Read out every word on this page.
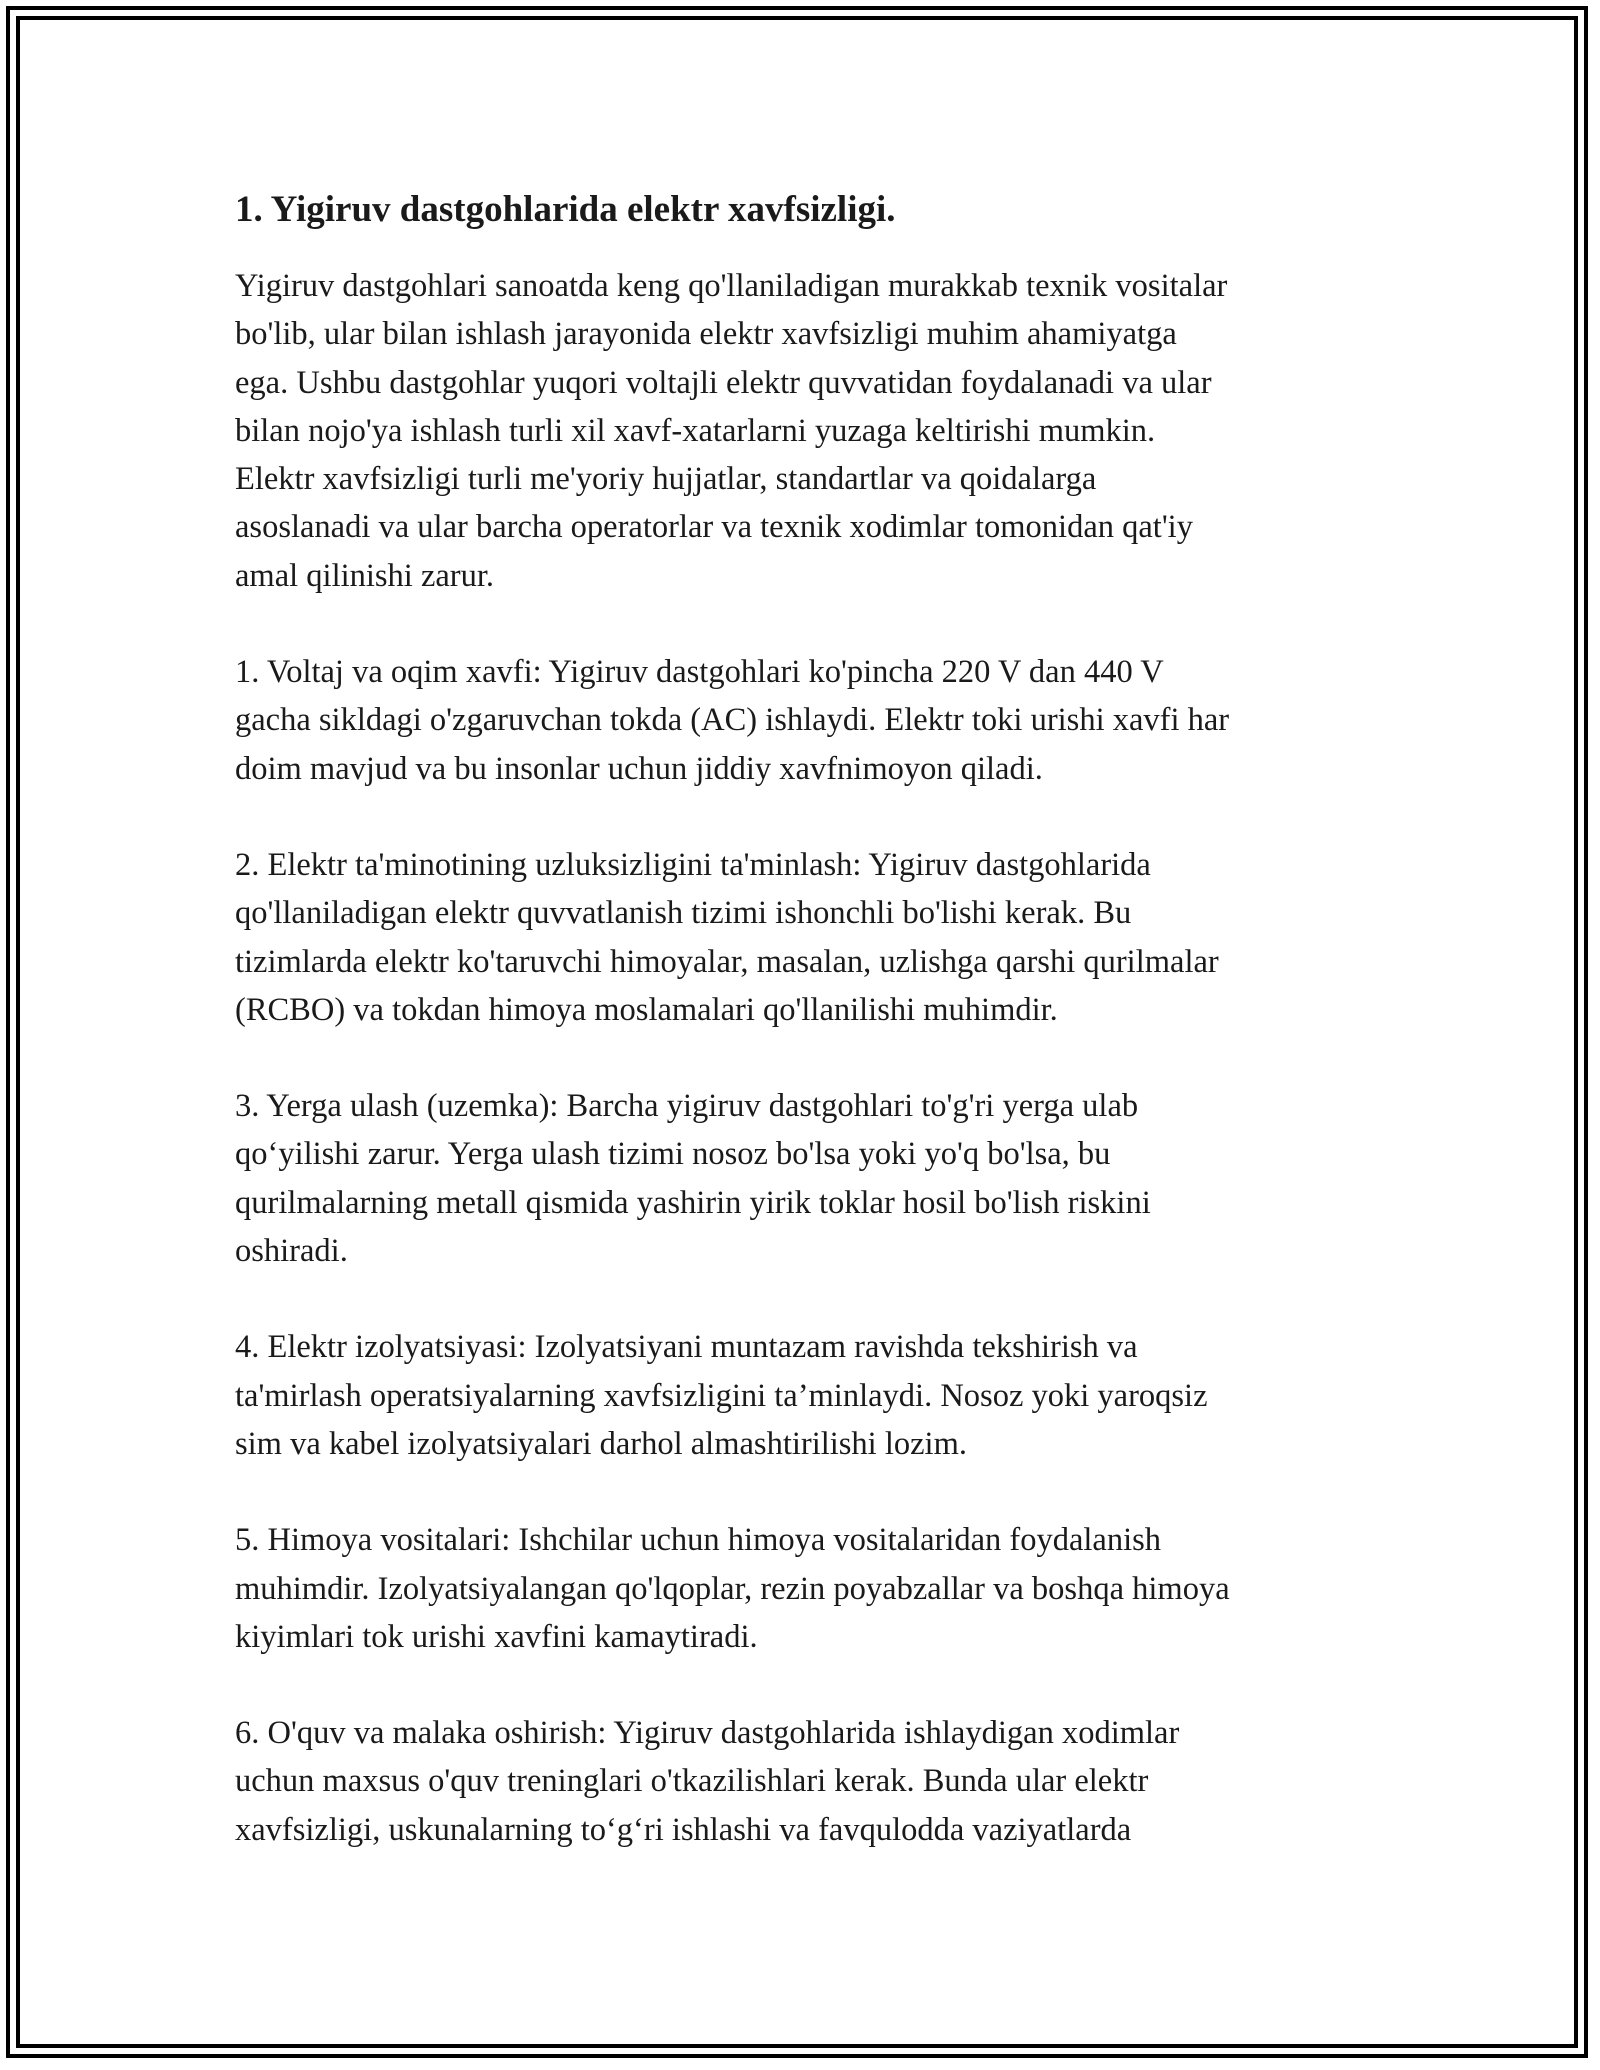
1. Yigiruv dastgohlarida elektr xavfsizligi.

Yigiruv dastgohlari sanoatda keng qo'llaniladigan murakkab texnik vositalar
bo'lib, ular bilan ishlash jarayonida elektr xavfsizligi muhim ahamiyatga
ega. Ushbu dastgohlar yuqori voltajli elektr quvvatidan foydalanadi va ular
bilan nojo'ya ishlash turli xil xavf-xatarlarni yuzaga keltirishi mumkin.
Elektr xavfsizligi turli me'yoriy hujjatlar, standartlar va qoidalarga
asoslanadi va ular barcha operatorlar va texnik xodimlar tomonidan qat'iy
amal qilinishi zarur.

1. Voltaj va oqim xavfi: Yigiruv dastgohlari ko'pincha 220 V dan 440 V
gacha sikldagi o'zgaruvchan tokda (AC) ishlaydi. Elektr toki urishi xavfi har
doim mavjud va bu insonlar uchun jiddiy xavfnimoyon qiladi.

2. Elektr ta'minotining uzluksizligini ta'minlash: Yigiruv dastgohlarida
qo'llaniladigan elektr quvvatlanish tizimi ishonchli bo'lishi kerak. Bu
tizimlarda elektr ko'taruvchi himoyalar, masalan, uzlishga qarshi qurilmalar
(RCBO) va tokdan himoya moslamalari qo'llanilishi muhimdir.

3. Yerga ulash (uzemka): Barcha yigiruv dastgohlari to'g'ri yerga ulab
qo‘yilishi zarur. Yerga ulash tizimi nosoz bo'lsa yoki yo'q bo'lsa, bu
qurilmalarning metall qismida yashirin yirik toklar hosil bo'lish riskini
oshiradi.

4. Elektr izolyatsiyasi: Izolyatsiyani muntazam ravishda tekshirish va
ta'mirlash operatsiyalarning xavfsizligini ta’minlaydi. Nosoz yoki yaroqsiz
sim va kabel izolyatsiyalari darhol almashtirilishi lozim.

5. Himoya vositalari: Ishchilar uchun himoya vositalaridan foydalanish
muhimdir. Izolyatsiyalangan qo'lqoplar, rezin poyabzallar va boshqa himoya
kiyimlari tok urishi xavfini kamaytiradi.

6. O'quv va malaka oshirish: Yigiruv dastgohlarida ishlaydigan xodimlar
uchun maxsus o'quv treninglari o'tkazilishlari kerak. Bunda ular elektr
xavfsizligi, uskunalarning to‘g‘ri ishlashi va favqulodda vaziyatlarda
